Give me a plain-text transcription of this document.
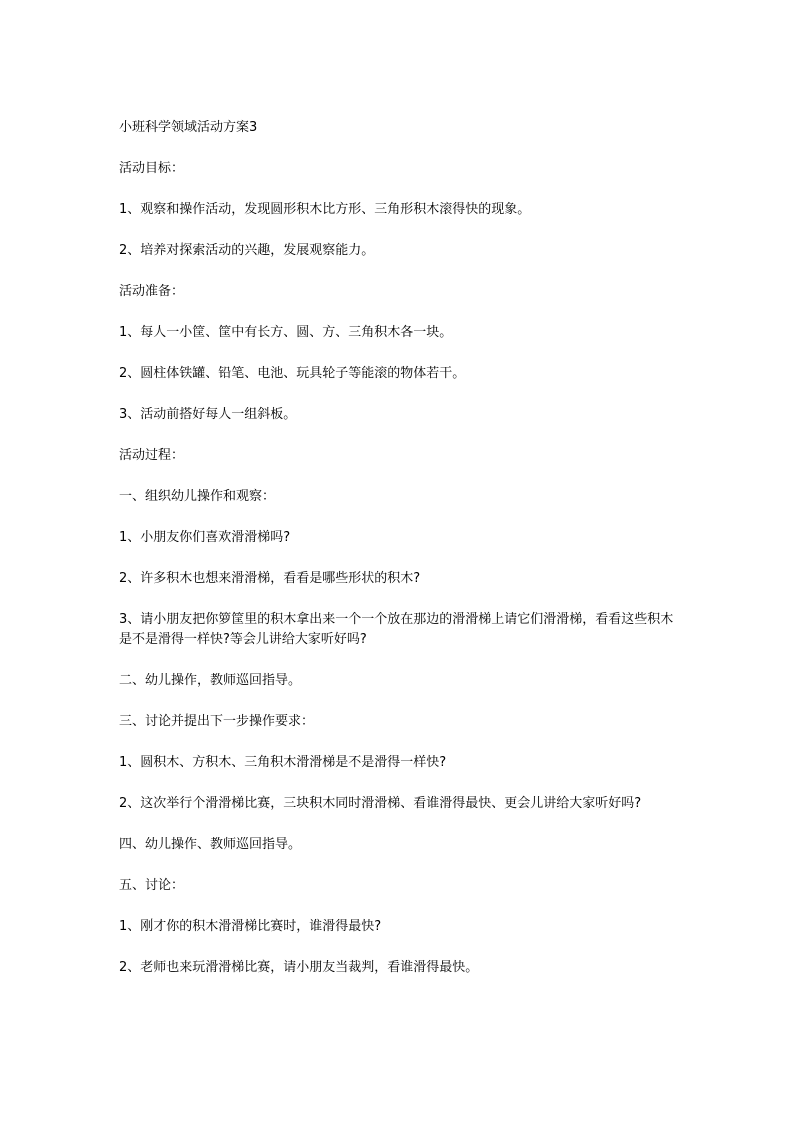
小班科学领域活动方案3

活动目标：

1、观察和操作活动，发现圆形积木比方形、三角形积木滚得快的现象。

2、培养对探索活动的兴趣，发展观察能力。

活动准备：

1、每人一小筐、筐中有长方、圆、方、三角积木各一块。

2、圆柱体铁罐、铅笔、电池、玩具轮子等能滚的物体若干。

3、活动前搭好每人一组斜板。

活动过程：

一、组织幼儿操作和观察：

1、小朋友你们喜欢滑滑梯吗?

2、许多积木也想来滑滑梯，看看是哪些形状的积木?

3、请小朋友把你箩筐里的积木拿出来一个一个放在那边的滑滑梯上请它们滑滑梯，看看这些积木是不是滑得一样快?等会儿讲给大家听好吗?

二、幼儿操作，教师巡回指导。

三、讨论并提出下一步操作要求：

1、圆积木、方积木、三角积木滑滑梯是不是滑得一样快?

2、这次举行个滑滑梯比赛，三块积木同时滑滑梯、看谁滑得最快、更会儿讲给大家听好吗?

四、幼儿操作、教师巡回指导。

五、讨论：

1、刚才你的积木滑滑梯比赛时，谁滑得最快?

2、老师也来玩滑滑梯比赛，请小朋友当裁判，看谁滑得最快。
